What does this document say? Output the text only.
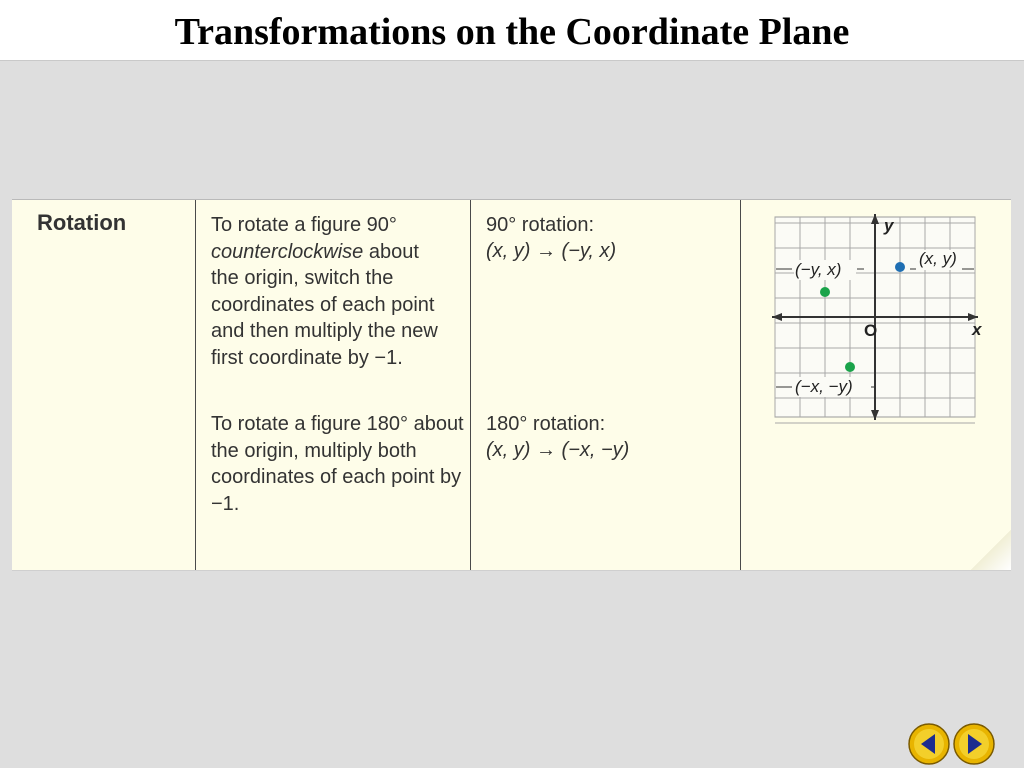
Transformations on the Coordinate Plane
Rotation	To rotate a figure 90°
counterclockwise about
the origin, switch the coordinates of each point and then multiply the new first coordinate by −1.
To rotate a figure 180° about the origin, multiply both coordinates of each point by −1.
90° rotation:
(x, y) → (−y, x)
180° rotation:
(x, y) → (−x, −y)
y
x
O
(x, y)
(−y, x)
(−x, −y)
